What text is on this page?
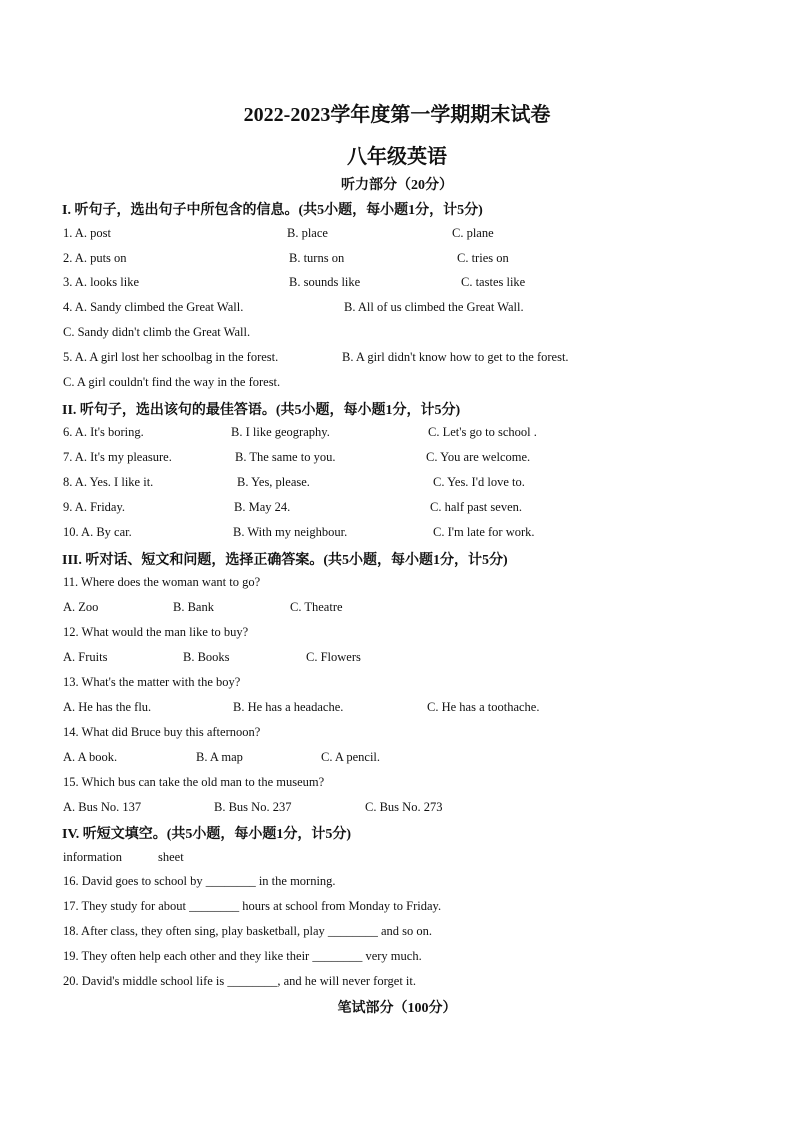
2022-2023学年度第一学期期末试卷
八年级英语
听力部分（20分）
I. 听句子，选出句子中所包含的信息。(共5小题，每小题1分，计5分)
1. A. post	B. place	C. plane
2. A. puts on	B. turns on	C. tries on
3. A. looks like	B. sounds like	C. tastes like
4. A. Sandy climbed the Great Wall.	B. All of us climbed the Great Wall.
C. Sandy didn't climb the Great Wall.
5. A. A girl lost her schoolbag in the forest.	B. A girl didn't know how to get to the forest.
C. A girl couldn't find the way in the forest.
II. 听句子，选出该句的最佳答语。(共5小题，每小题1分，计5分)
6. A. It's boring.	B. I like geography.	C. Let's go to school .
7. A. It's my pleasure.	B. The same to you.	C. You are welcome.
8. A. Yes. I like it.	B. Yes, please.	C. Yes. I'd love to.
9. A. Friday.	B. May 24.	C. half past seven.
10. A. By car.	B. With my neighbour.	C. I'm late for work.
III. 听对话、短文和问题，选择正确答案。(共5小题，每小题1分，计5分)
11. Where does the woman want to go?
A. Zoo	B. Bank	C. Theatre
12. What would the man like to buy?
A. Fruits	B. Books	C. Flowers
13. What's the matter with the boy?
A. He has the flu.	B. He has a headache.	C. He has a toothache.
14. What did Bruce buy this afternoon?
A. A book.	B. A map	C. A pencil.
15. Which bus can take the old man to the museum?
A. Bus No. 137	B. Bus No. 237	C. Bus No. 273
IV. 听短文填空。(共5小题，每小题1分，计5分)
information	sheet
16. David goes to school by ________ in the morning.
17. They study for about ________ hours at school from Monday to Friday.
18. After class, they often sing, play basketball, play ________ and so on.
19. They often help each other and they like their ________ very much.
20. David's middle school life is ________, and he will never forget it.
笔试部分（100分）
